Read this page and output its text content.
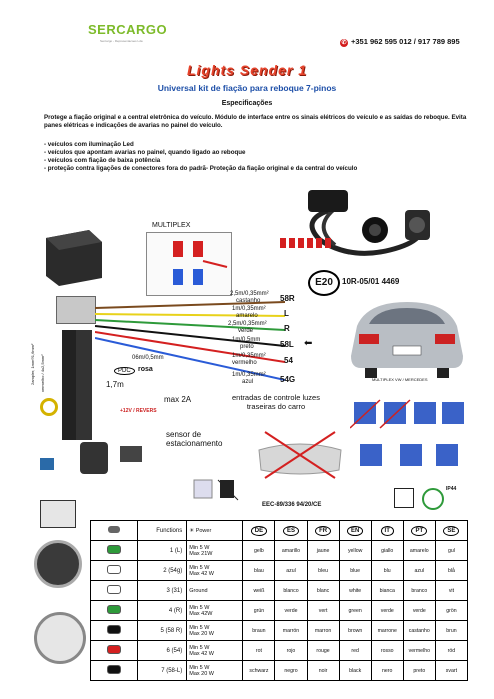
SERCARGO
Sercargo - Representacoes Lda	✆ +351 962 595 012 / 917 789 895
Lights Sender 1
Universal kit de fiação para reboque 7-pinos
Especificações
Protege a fiação original e a central eletrônica do veículo. Módulo de interface entre os sinais elétricos do veículo e as saídas do reboque. Evita panes elétricas e indicações de avarias no painel do veículo.
- veículos com iluminação Led
- veículos que apontam avarias no painel, quando ligado ao reboque
- veículos com fiação de baixa potência
- proteção contra ligações de conectores fora do padrã- Proteção da fiação original e da central do veículo
MULTIPLEX
E20	10R-05/01 4469
2,5m/0,35mm²
castanho 58R
1m/0,35mm²
amarelo	L
2,5m/0,35mm²
verde	R
1m/0,5mm
preto	58L
1m/0,35mm²
vermelho	54
1m/0,35mm²
azul	54G
⬅
MULTIPLEX VW / MERCEDES
PDC
06m/0,5mm
rosa
1,7m
max 2A
+12V / REVERS
sensor de estacionamento
entradas de controle luzes traseiras do carro
2ampler, 1mm²/1,6mm² vermelho / 4x2,5mm²
EEC-89/336 94/20/CE
IP44
	Functions	☀ Power	DE	ES	FR	EN	IT	PT	SE
	1 (L)	Min 5 W
Max 21W	gelb	amarillo	jaune	yellow	giallo	amarelo	gul
	2 (54g)	Min 5 W
Max 42 W	blau	azul	bleu	blue	blu	azul	blå
	3 (31)	Ground	weiß	blanco	blanc	white	bianca	branco	vit
	4 (R)	Min 5 W
Max 42W	grün	verde	vert	green	verde	verde	grön
	5 (58 R)	Min 5 W
Max 20 W	braun	marrón	marron	brown	marrone	castanho	brun
	6 (54)	Min 5 W
Max 42 W	rot	rojo	rouge	red	rosso	vermelho	röd
	7 (58-L)	Min 5 W
Max 20 W	schwarz	negro	noir	black	nero	preto	svart
